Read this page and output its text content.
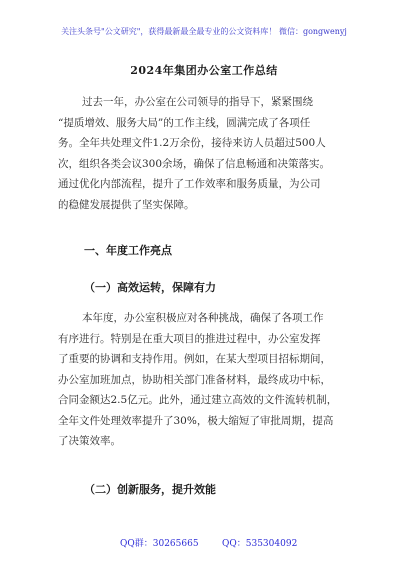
关注头条号"公文研究"，获得最新最全最专业的公文资料库！ 微信：gongwenyj
2024年集团办公室工作总结
过去一年，办公室在公司领导的指导下，紧紧围绕
“提质增效、服务大局”的工作主线，圆满完成了各项任
务。全年共处理文件1.2万余份，接待来访人员超过500人
次，组织各类会议300余场，确保了信息畅通和决策落实。
通过优化内部流程，提升了工作效率和服务质量，为公司
的稳健发展提供了坚实保障。
一、年度工作亮点
（一）高效运转，保障有力
本年度，办公室积极应对各种挑战，确保了各项工作
有序进行。特别是在重大项目的推进过程中，办公室发挥
了重要的协调和支持作用。例如，在某大型项目招标期间，
办公室加班加点，协助相关部门准备材料，最终成功中标，
合同金额达2.5亿元。此外，通过建立高效的文件流转机制，
全年文件处理效率提升了30%，极大缩短了审批周期，提高
了决策效率。
（二）创新服务，提升效能
QQ群：30265665	QQ：535304092
